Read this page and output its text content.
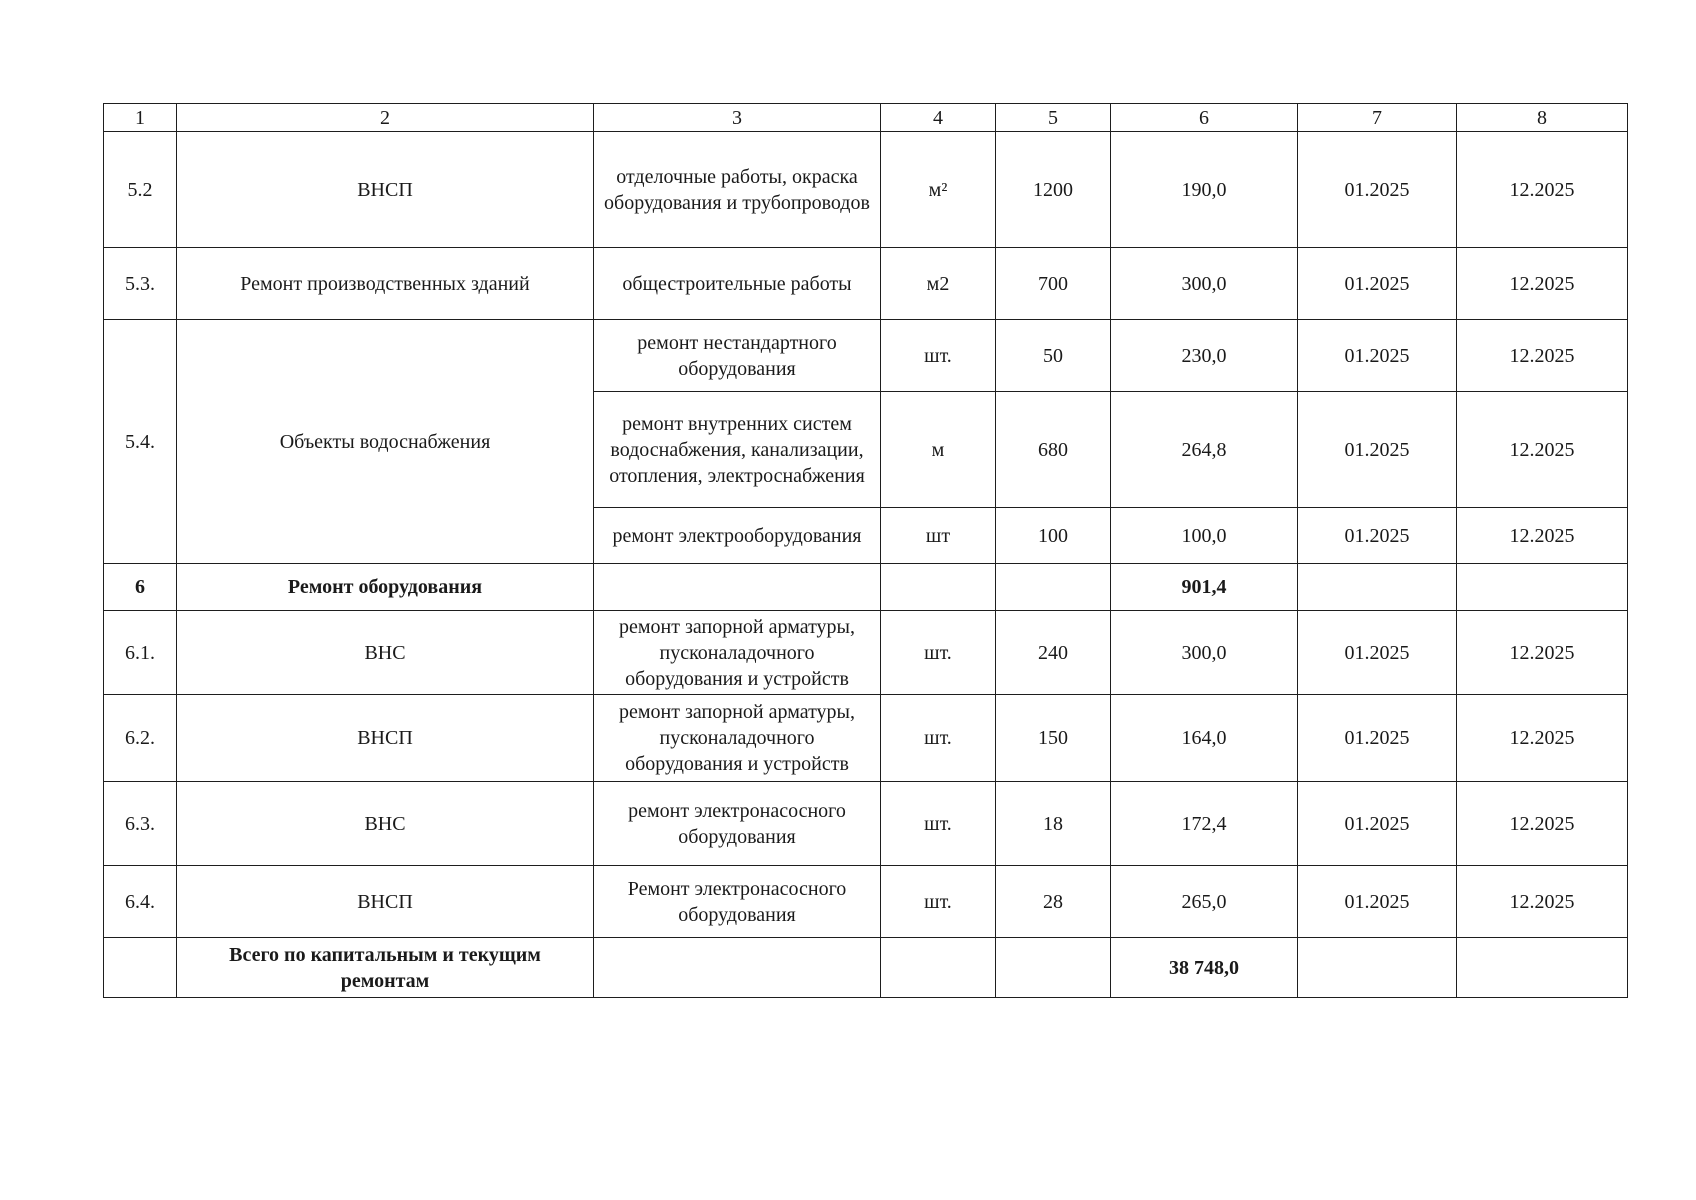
1	2	3	4	5	6	7	8
5.2	ВНСП	отделочные работы, окраска оборудования и трубопроводов	м²	1200	190,0	01.2025	12.2025
5.3.	Ремонт производственных зданий	общестроительные работы	м2	700	300,0	01.2025	12.2025
5.4.	Объекты водоснабжения	ремонт нестандартного оборудования	шт.	50	230,0	01.2025	12.2025
		ремонт внутренних систем водоснабжения, канализации, отопления, электроснабжения	м	680	264,8	01.2025	12.2025
		ремонт электрооборудования	шт	100	100,0	01.2025	12.2025
6	Ремонт оборудования				901,4		
6.1.	ВНС	ремонт запорной арматуры, пусконаладочного оборудования и устройств	шт.	240	300,0	01.2025	12.2025
6.2.	ВНСП	ремонт запорной арматуры, пусконаладочного оборудования и устройств	шт.	150	164,0	01.2025	12.2025
6.3.	ВНС	ремонт электронасосного оборудования	шт.	18	172,4	01.2025	12.2025
6.4.	ВНСП	Ремонт электронасосного оборудования	шт.	28	265,0	01.2025	12.2025
	Всего по капитальным и текущим ремонтам				38 748,0		
